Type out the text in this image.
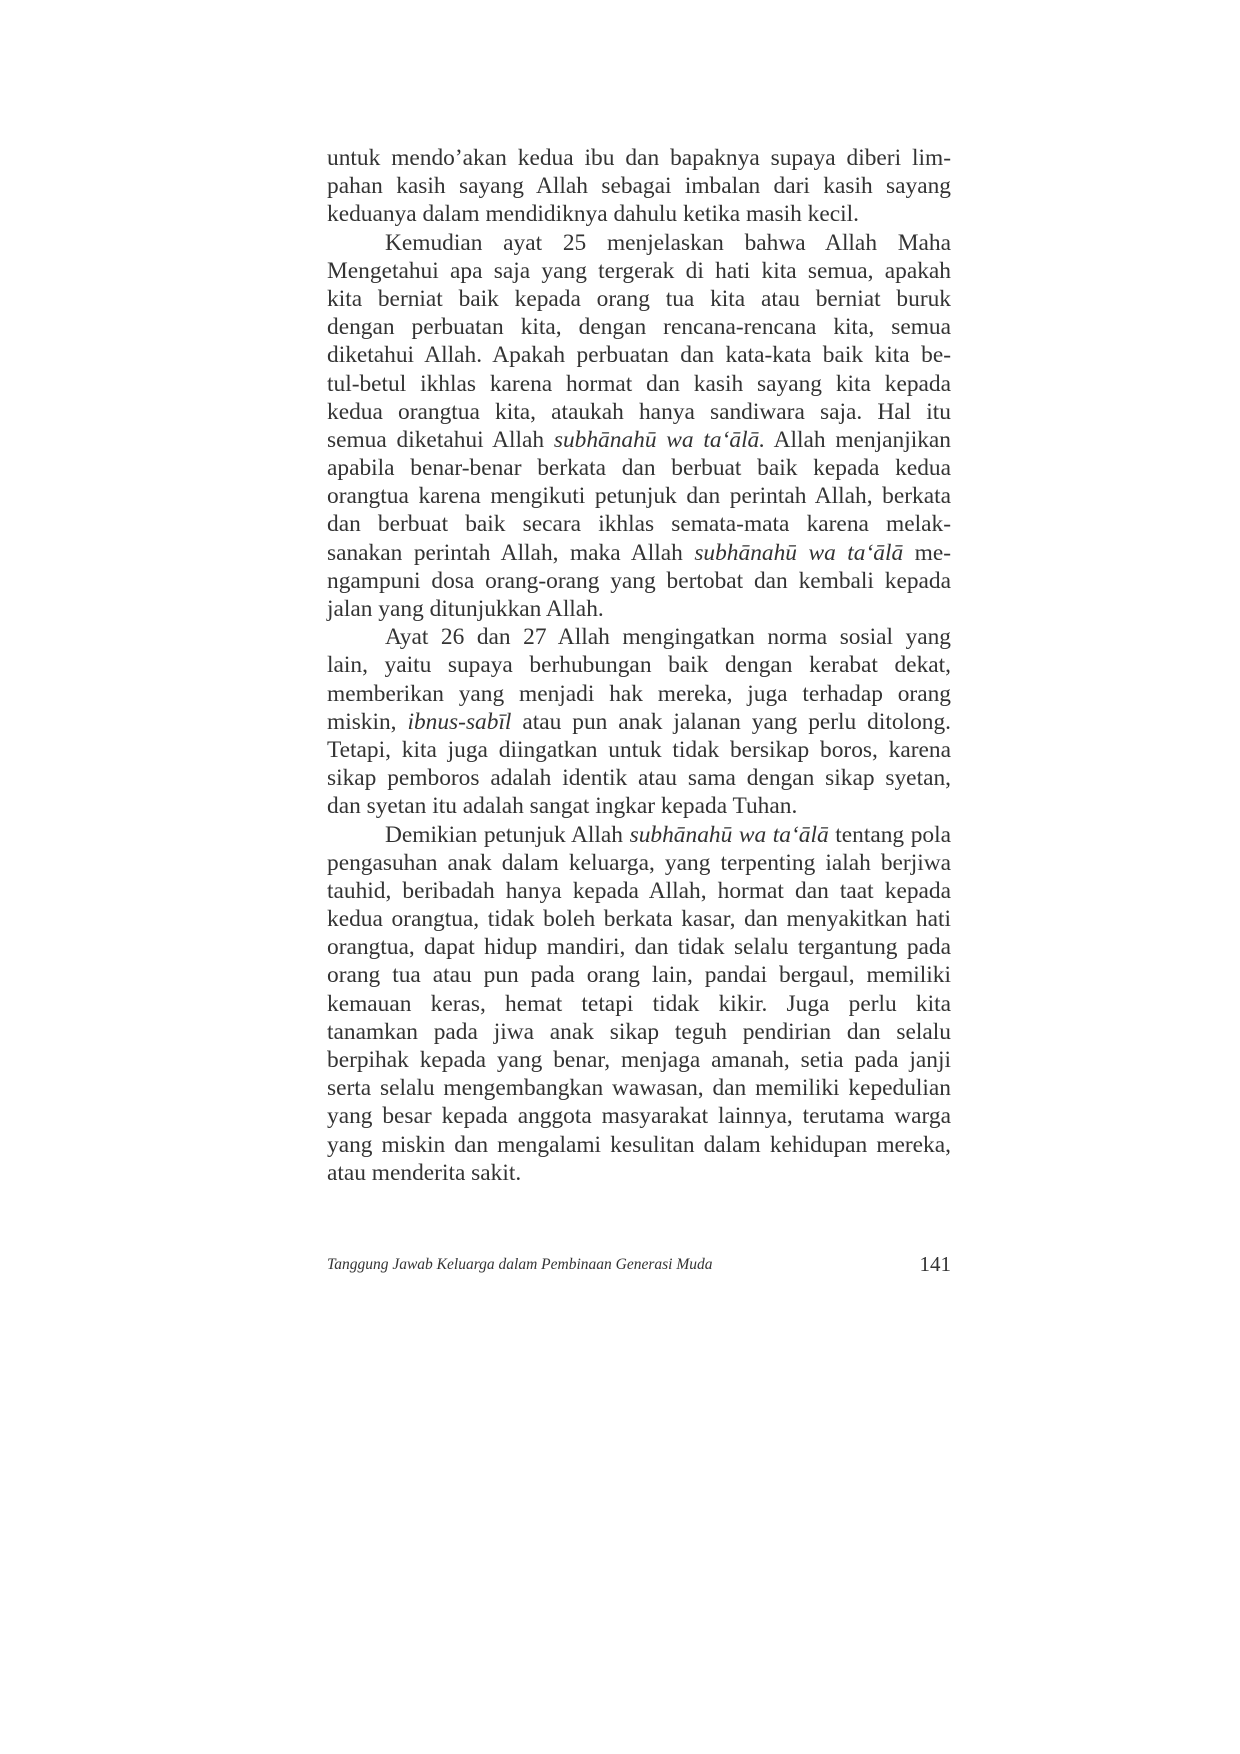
untuk mendo’akan kedua ibu dan bapaknya supaya diberi lim-
pahan kasih sayang Allah sebagai imbalan dari kasih sayang
keduanya dalam mendidiknya dahulu ketika masih kecil.
Kemudian ayat 25 menjelaskan bahwa Allah Maha
Mengetahui apa saja yang tergerak di hati kita semua, apakah
kita berniat baik kepada orang tua kita atau berniat buruk
dengan perbuatan kita, dengan rencana-rencana kita, semua
diketahui Allah. Apakah perbuatan dan kata-kata baik kita be-
tul-betul ikhlas karena hormat dan kasih sayang kita kepada
kedua orangtua kita, ataukah hanya sandiwara saja. Hal itu
semua diketahui Allah subhānahū wa ta‘ālā. Allah menjanjikan
apabila benar-benar berkata dan berbuat baik kepada kedua
orangtua karena mengikuti petunjuk dan perintah Allah, berkata
dan berbuat baik secara ikhlas semata-mata karena melak-
sanakan perintah Allah, maka Allah subhānahū wa ta‘ālā me-
ngampuni dosa orang-orang yang bertobat dan kembali kepada
jalan yang ditunjukkan Allah.
Ayat 26 dan 27 Allah mengingatkan norma sosial yang
lain, yaitu supaya berhubungan baik dengan kerabat dekat,
memberikan yang menjadi hak mereka, juga terhadap orang
miskin, ibnus-sabīl atau pun anak jalanan yang perlu ditolong.
Tetapi, kita juga diingatkan untuk tidak bersikap boros, karena
sikap pemboros adalah identik atau sama dengan sikap syetan,
dan syetan itu adalah sangat ingkar kepada Tuhan.
Demikian petunjuk Allah subhānahū wa ta‘ālā tentang pola
pengasuhan anak dalam keluarga, yang terpenting ialah berjiwa
tauhid, beribadah hanya kepada Allah, hormat dan taat kepada
kedua orangtua, tidak boleh berkata kasar, dan menyakitkan hati
orangtua, dapat hidup mandiri, dan tidak selalu tergantung pada
orang tua atau pun pada orang lain, pandai bergaul, memiliki
kemauan keras, hemat tetapi tidak kikir. Juga perlu kita
tanamkan pada jiwa anak sikap teguh pendirian dan selalu
berpihak kepada yang benar, menjaga amanah, setia pada janji
serta selalu mengembangkan wawasan, dan memiliki kepedulian
yang besar kepada anggota masyarakat lainnya, terutama warga
yang miskin dan mengalami kesulitan dalam kehidupan mereka,
atau menderita sakit.
Tanggung Jawab Keluarga dalam Pembinaan Generasi Muda	141
